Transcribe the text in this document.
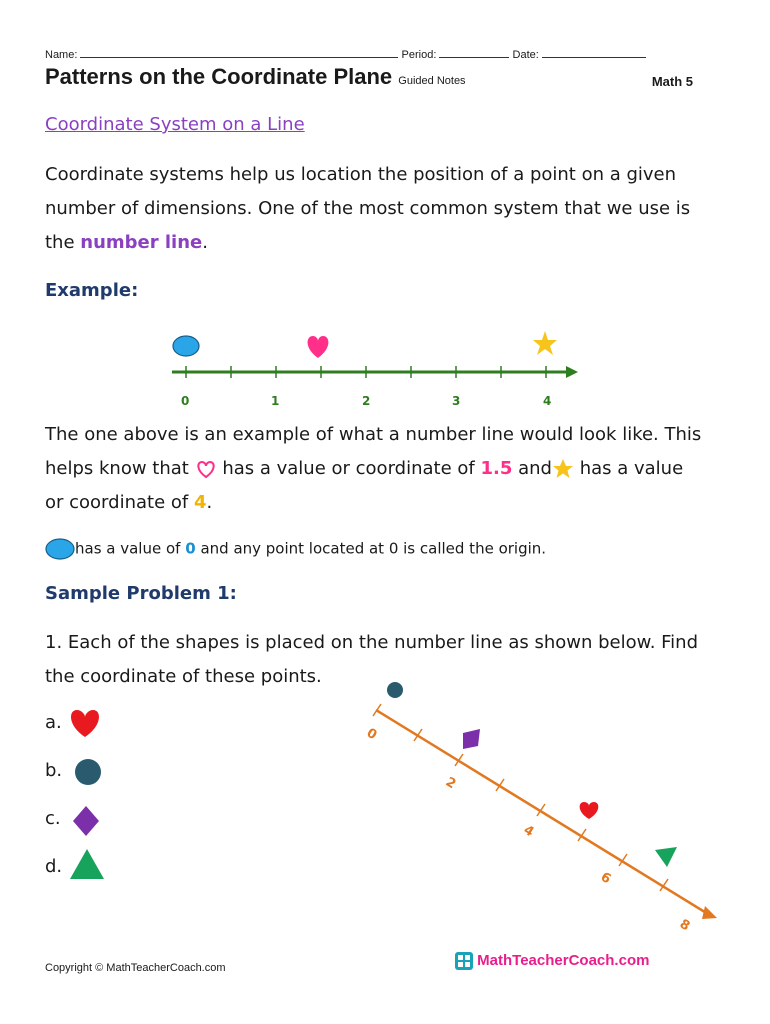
Name:	Period:	Date:
Patterns on the Coordinate Plane Guided Notes	Math 5
Coordinate System on a Line
Coordinate systems help us location the position of a point on a given
number of dimensions. One of the most common system that we use is
the number line.
Example:
0	1	2	3	4
The one above is an example of what a number line would look like. This
helps know that has a value or coordinate of 1.5 and has a value
or coordinate of 4.
has a value of 0 and any point located at 0 is called the origin.
Sample Problem 1:
1. Each of the shapes is placed on the number line as shown below. Find
the coordinate of these points.
a.
b.
c.
d.
0
2
4
6
8
Copyright © MathTeacherCoach.com	MathTeacherCoach.com
